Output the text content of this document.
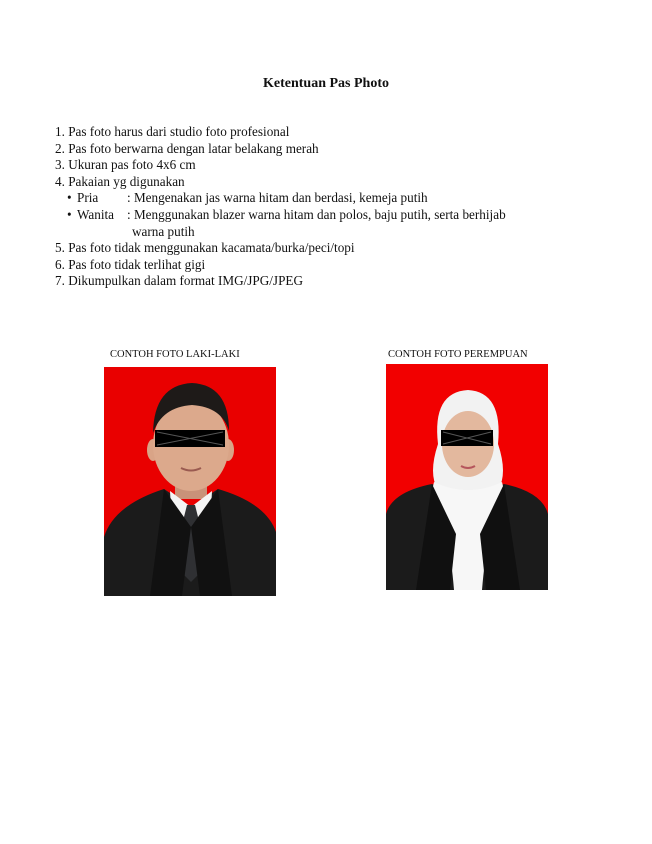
Ketentuan Pas Photo
1. Pas foto harus dari studio foto profesional
2. Pas foto berwarna dengan latar belakang merah
3. Ukuran pas foto 4x6 cm
4. Pakaian yg digunakan
• Pria : Mengenakan jas warna hitam dan berdasi, kemeja putih
• Wanita : Menggunakan blazer warna hitam dan polos, baju putih, serta berhijab
warna putih
5. Pas foto tidak menggunakan kacamata/burka/peci/topi
6. Pas foto tidak terlihat gigi
7. Dikumpulkan dalam format IMG/JPG/JPEG
CONTOH FOTO LAKI-LAKI	CONTOH FOTO PEREMPUAN
